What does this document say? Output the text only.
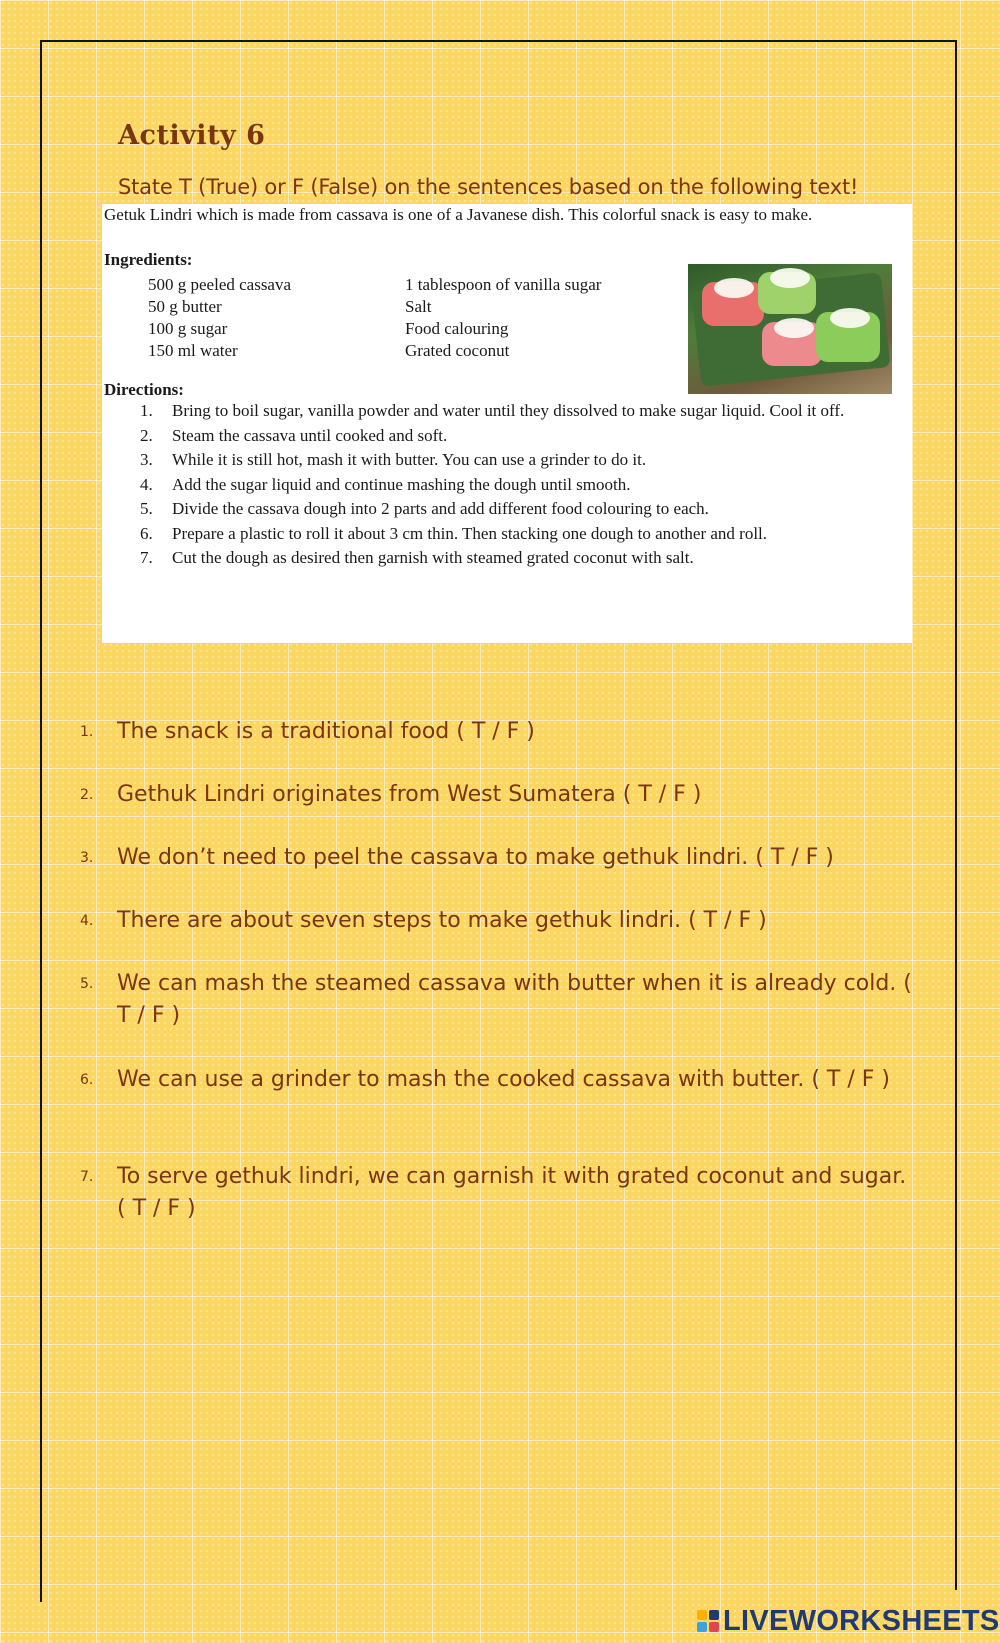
Activity 6

State T (True) or F (False) on the sentences based on the following text!

Getuk Lindri which is made from cassava is one of a Javanese dish. This colorful snack is easy to make.

Ingredients:

500 g peeled cassava
50 g butter
100 g sugar
150 ml water
1 tablespoon of vanilla sugar
Salt
Food calouring
Grated coconut

Directions:

1. Bring to boil sugar, vanilla powder and water until they dissolved to make sugar liquid. Cool it off.
2. Steam the cassava until cooked and soft.
3. While it is still hot, mash it with butter. You can use a grinder to do it.
4. Add the sugar liquid and continue mashing the dough until smooth.
5. Divide the cassava dough into 2 parts and add different food colouring to each.
6. Prepare a plastic to roll it about 3 cm thin. Then stacking one dough to another and roll.
7. Cut the dough as desired then garnish with steamed grated coconut with salt.
1. The snack is a traditional food ( T / F )
2. Gethuk Lindri originates from West Sumatera ( T / F )
3. We don’t need to peel the cassava to make gethuk lindri. ( T / F )
4. There are about seven steps to make gethuk lindri. ( T / F )
5. We can mash the steamed cassava with butter when it is already cold. ( T / F )
6. We can use a grinder to mash the cooked cassava with butter. ( T / F )
7. To serve gethuk lindri, we can garnish it with grated coconut and sugar. ( T / F )
LIVEWORKSHEETS
